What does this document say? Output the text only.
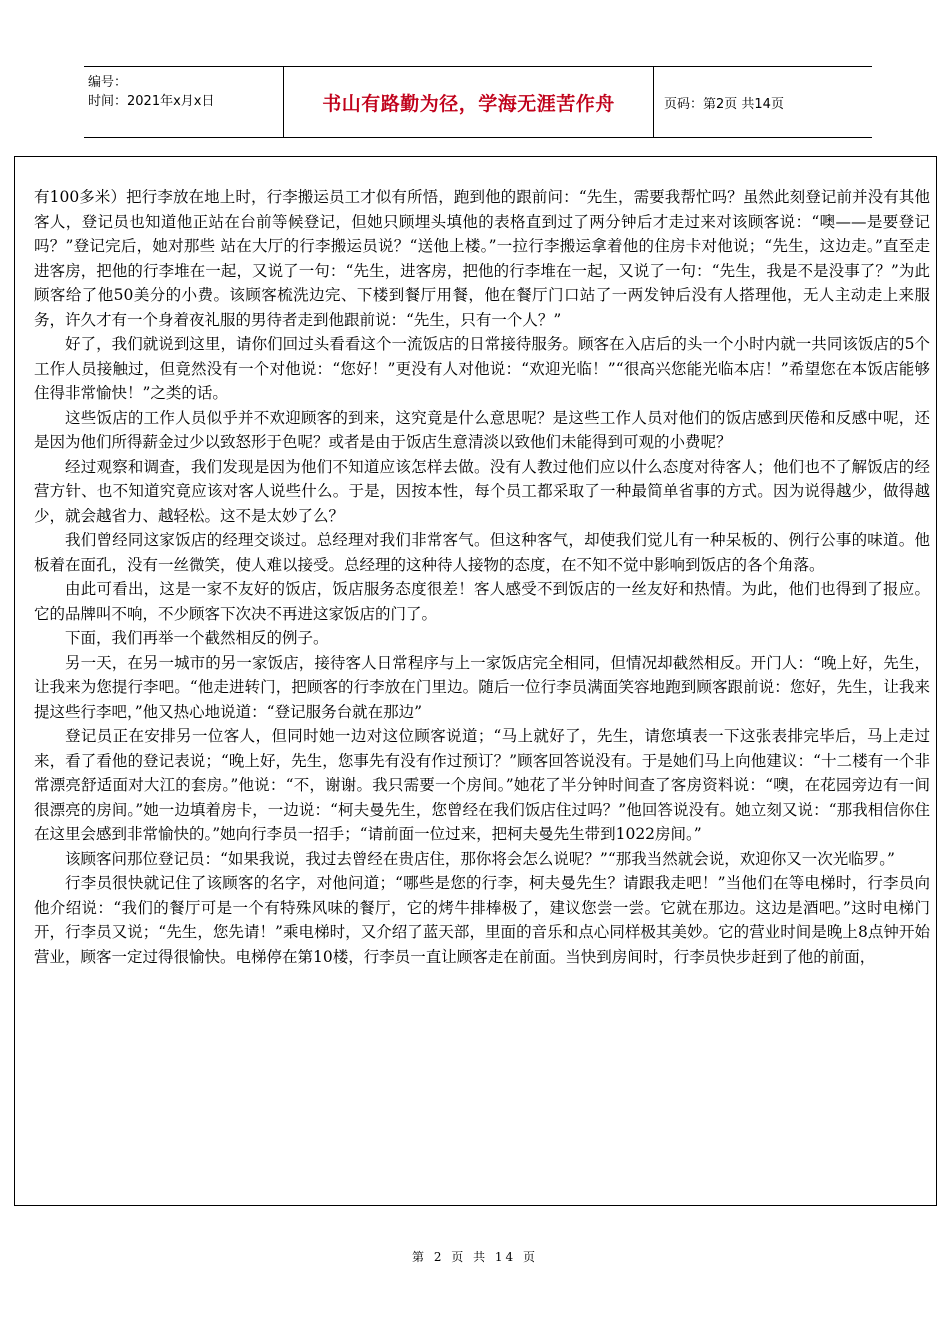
编号：
时间：2021年x月x日	书山有路勤为径，学海无涯苦作舟	页码：第2页 共14页

有100多米）把行李放在地上时，行李搬运员工才似有所悟，跑到他的跟前问：“先生，需要我帮忙吗？虽然此刻登记前并没有其他客人，登记员也知道他正站在台前等候登记，但她只顾埋头填他的表格直到过了两分钟后才走过来对该顾客说：“噢——是要登记吗？”登记完后，她对那些 站在大厅的行李搬运员说？“送他上楼。”一拉行李搬运拿着他的住房卡对他说；“先生，这边走。”直至走进客房，把他的行李堆在一起，又说了一句：“先生，进客房，把他的行李堆在一起，又说了一句：“先生，我是不是没事了？”为此顾客给了他50美分的小费。该顾客梳洗边完、下楼到餐厅用餐，他在餐厅门口站了一两发钟后没有人搭理他，无人主动走上来服务，许久才有一个身着夜礼服的男待者走到他跟前说：“先生，只有一个人？”

好了，我们就说到这里，请你们回过头看看这个一流饭店的日常接待服务。顾客在入店后的头一个小时内就一共同该饭店的5个工作人员接触过，但竟然没有一个对他说：“您好！”更没有人对他说：“欢迎光临！”“很高兴您能光临本店！”希望您在本饭店能够住得非常愉快！”之类的话。

这些饭店的工作人员似乎并不欢迎顾客的到来，这究竟是什么意思呢？是这些工作人员对他们的饭店感到厌倦和反感中呢，还是因为他们所得薪金过少以致怒形于色呢？或者是由于饭店生意清淡以致他们未能得到可观的小费呢？

经过观察和调查，我们发现是因为他们不知道应该怎样去做。没有人教过他们应以什么态度对待客人；他们也不了解饭店的经营方针、也不知道究竟应该对客人说些什么。于是，因按本性，每个员工都采取了一种最简单省事的方式。因为说得越少，做得越少，就会越省力、越轻松。这不是太妙了么？

我们曾经同这家饭店的经理交谈过。总经理对我们非常客气。但这种客气，却使我们觉儿有一种呆板的、例行公事的味道。他板着在面孔，没有一丝微笑，使人难以接受。总经理的这种待人接物的态度，在不知不觉中影响到饭店的各个角落。

由此可看出，这是一家不友好的饭店，饭店服务态度很差！客人感受不到饭店的一丝友好和热情。为此，他们也得到了报应。它的品牌叫不响，不少顾客下次决不再进这家饭店的门了。

下面，我们再举一个截然相反的例子。

另一天，在另一城市的另一家饭店，接待客人日常程序与上一家饭店完全相同，但情况却截然相反。开门人：“晚上好，先生，让我来为您提行李吧。“他走进转门，把顾客的行李放在门里边。随后一位行李员满面笑容地跑到顾客跟前说：您好，先生，让我来提这些行李吧，”他又热心地说道：“登记服务台就在那边”

登记员正在安排另一位客人，但同时她一边对这位顾客说道；“马上就好了，先生，请您填表一下这张表排完毕后，马上走过来，看了看他的登记表说；“晚上好，先生，您事先有没有作过预订？”顾客回答说没有。于是她们马上向他建议：“十二楼有一个非常漂亮舒适面对大江的套房。”他说：“不，谢谢。我只需要一个房间。”她花了半分钟时间查了客房资料说：“噢，在花园旁边有一间很漂亮的房间。”她一边填着房卡，一边说：“柯夫曼先生，您曾经在我们饭店住过吗？”他回答说没有。她立刻又说：“那我相信你住在这里会感到非常愉快的。”她向行李员一招手；“请前面一位过来，把柯夫曼先生带到1022房间。”

该顾客问那位登记员：“如果我说，我过去曾经在贵店住，那你将会怎么说呢？”“那我当然就会说，欢迎你又一次光临罗。”

行李员很快就记住了该顾客的名字，对他问道；“哪些是您的行李，柯夫曼先生？请跟我走吧！”当他们在等电梯时，行李员向他介绍说：“我们的餐厅可是一个有特殊风味的餐厅，它的烤牛排棒极了，建议您尝一尝。它就在那边。这边是酒吧。”这时电梯门开，行李员又说；“先生，您先请！”乘电梯时，又介绍了蓝天部，里面的音乐和点心同样极其美妙。它的营业时间是晚上8点钟开始营业，顾客一定过得很愉快。电梯停在第10楼，行李员一直让顾客走在前面。当快到房间时，行李员快步赶到了他的前面，

第 2 页 共 14 页
